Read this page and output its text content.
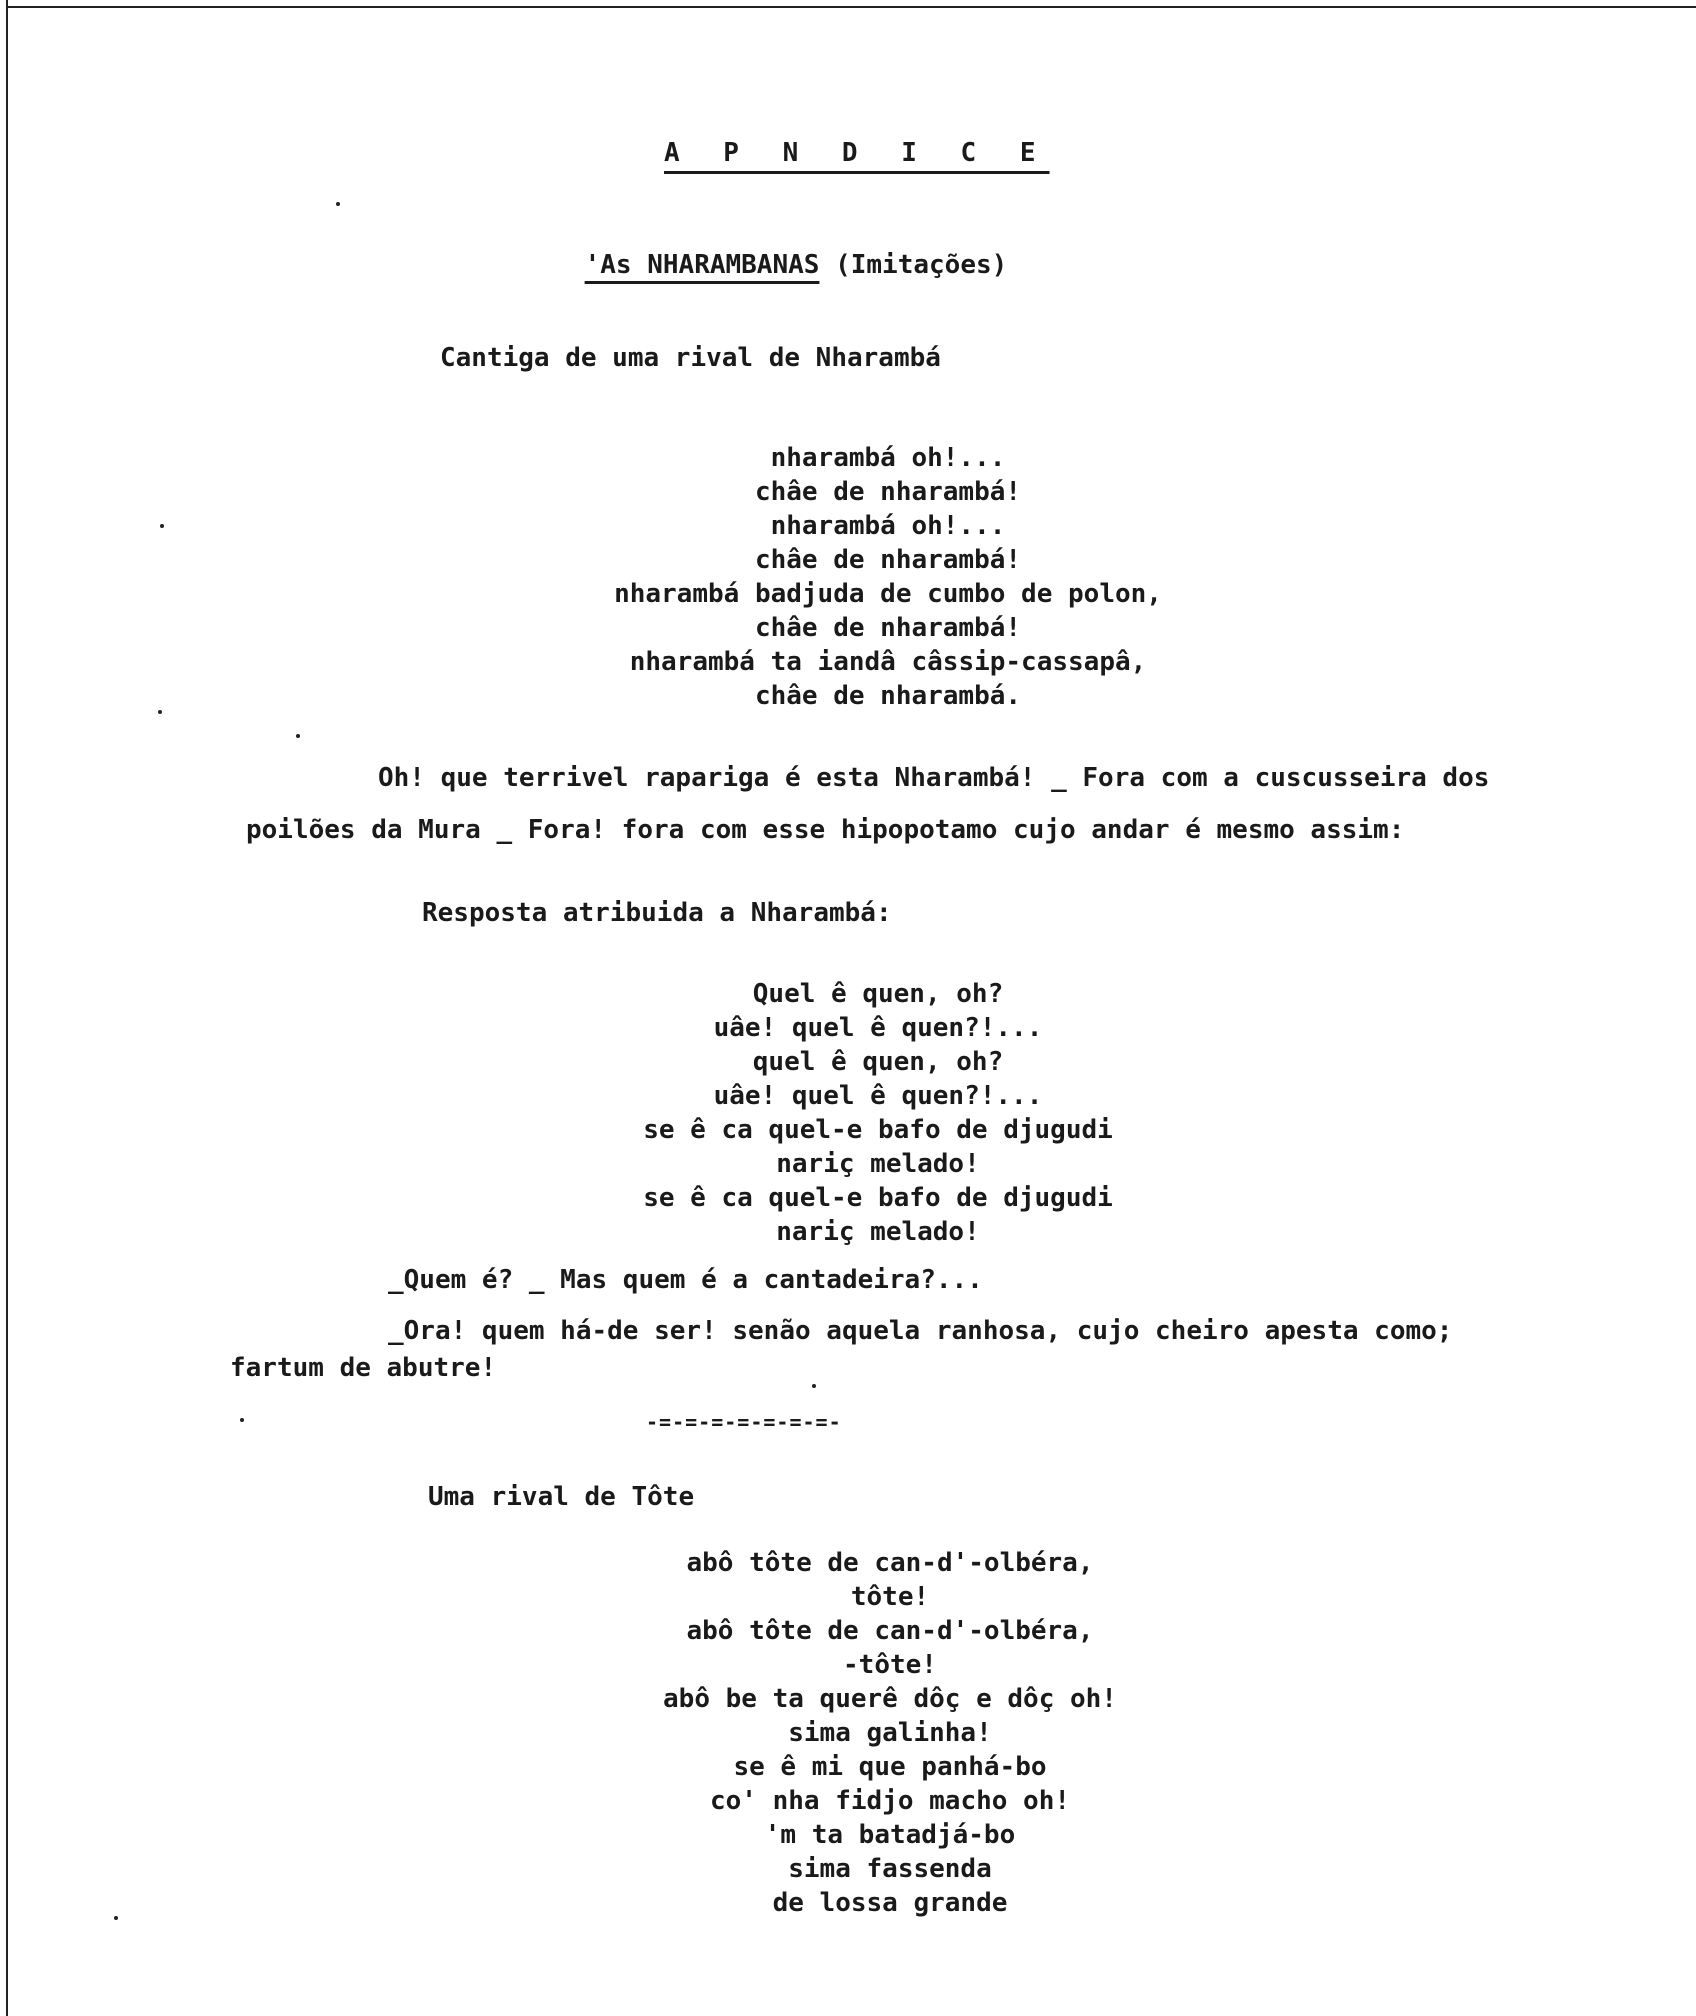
A P N D I C E

'As NHARAMBANAS (Imitações)

Cantiga de uma rival de Nharambá
nharambá oh!...
châe de nharambá!
nharambá oh!...
châe de nharambá!
nharambá badjuda de cumbo de polon,
châe de nharambá!
nharambá ta iandâ câssip-cassapâ,
châe de nharambá.
Oh! que terrivel rapariga é esta Nharambá! _ Fora com a cuscusseira dos
poilões da Mura _ Fora! fora com esse hipopotamo cujo andar é mesmo assim:
Resposta atribuida a Nharambá:
Quel ê quen, oh?
uâe! quel ê quen?!...
quel ê quen, oh?
uâe! quel ê quen?!...
se ê ca quel-e bafo de djugudi
nariç melado!
se ê ca quel-e bafo de djugudi
nariç melado!
_Quem é? _ Mas quem é a cantadeira?...
_Ora! quem há-de ser! senão aquela ranhosa, cujo cheiro apesta como;
fartum de abutre!
-=-=-=-=-=-=-=-
Uma rival de Tôte
abô tôte de can-d'-olbéra,
tôte!
abô tôte de can-d'-olbéra,
-tôte!
abô be ta querê dôç e dôç oh!
sima galinha!
se ê mi que panhá-bo
co' nha fidjo macho oh!
'm ta batadjá-bo
sima fassenda
de lossa grande
